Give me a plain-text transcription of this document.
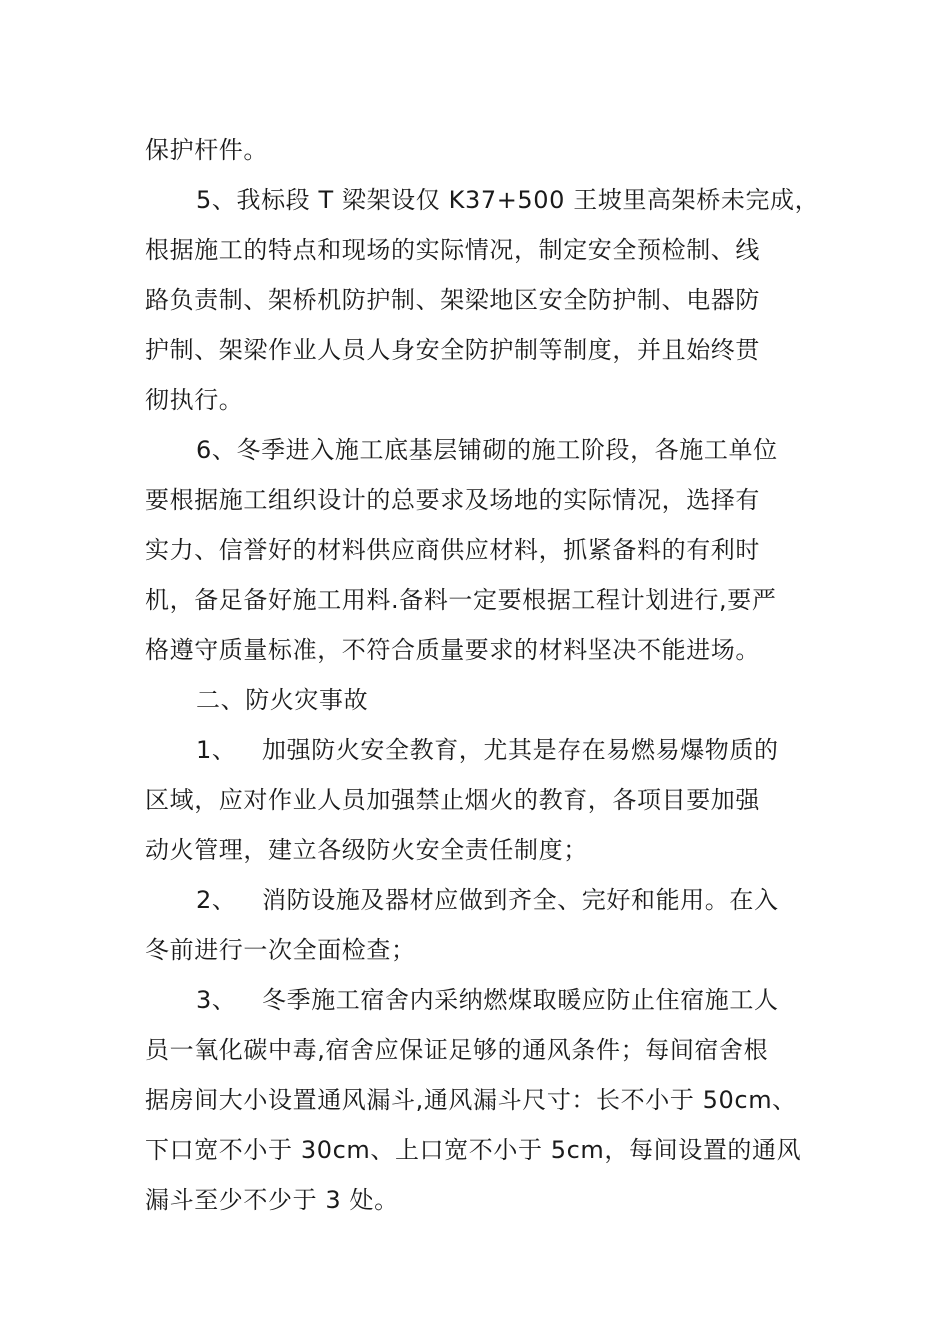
保护杆件。
5、我标段 T 梁架设仅 K37+500 王坡里高架桥未完成，
根据施工的特点和现场的实际情况，制定安全预检制、线
路负责制、架桥机防护制、架梁地区安全防护制、电器防
护制、架梁作业人员人身安全防护制等制度，并且始终贯
彻执行。
6、冬季进入施工底基层铺砌的施工阶段，各施工单位
要根据施工组织设计的总要求及场地的实际情况，选择有
实力、信誉好的材料供应商供应材料，抓紧备料的有利时
机，备足备好施工用料.备料一定要根据工程计划进行,要严
格遵守质量标准，不符合质量要求的材料坚决不能进场。
二、防火灾事故
1、 加强防火安全教育，尤其是存在易燃易爆物质的
区域，应对作业人员加强禁止烟火的教育，各项目要加强
动火管理，建立各级防火安全责任制度；
2、 消防设施及器材应做到齐全、完好和能用。在入
冬前进行一次全面检查；
3、 冬季施工宿舍内采纳燃煤取暖应防止住宿施工人
员一氧化碳中毒,宿舍应保证足够的通风条件；每间宿舍根
据房间大小设置通风漏斗,通风漏斗尺寸：长不小于 50cm、
下口宽不小于 30cm、上口宽不小于 5cm，每间设置的通风
漏斗至少不少于 3 处。
